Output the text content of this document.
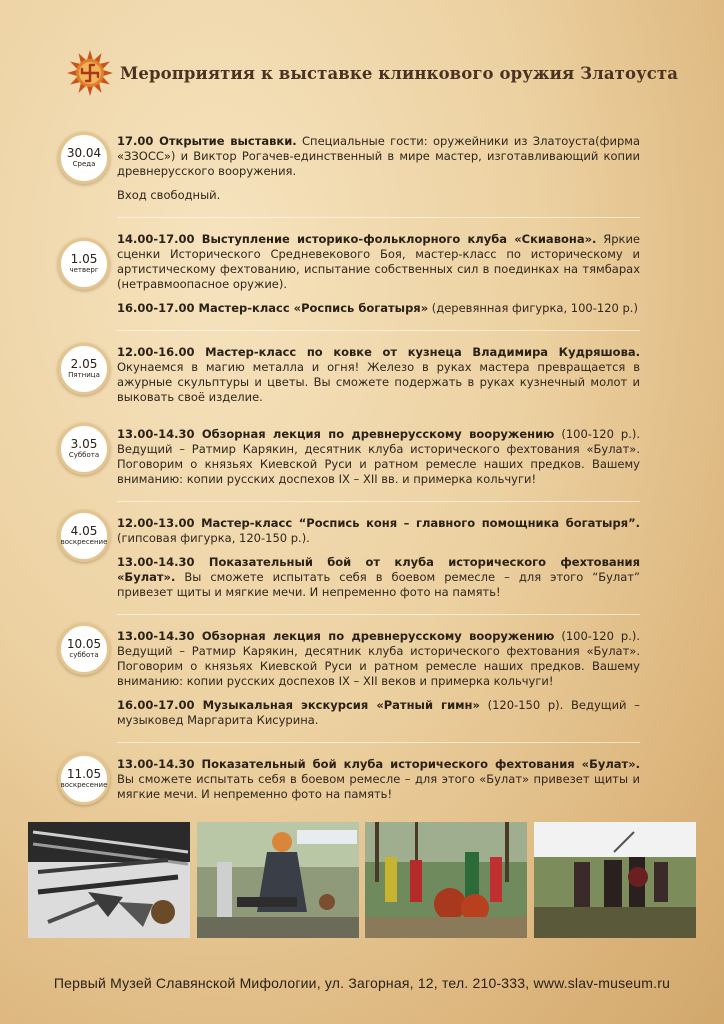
Мероприятия к выставке клинкового оружия Златоуста
30.04
Среда

17.00 Открытие выставки. Специальные гости: оружейники из Златоуста(фирма «ЗЗОСС») и Виктор Рогачев-единственный в мире мастер, изготавливающий копии древнерусского вооружения.

Вход свободный.

1.05
четверг

14.00-17.00 Выступление историко-фольклорного клуба «Скиавона». Яркие сценки Исторического Средневекового Боя, мастер-класс по историческому и артистическому фехтованию, испытание собственных сил в поединках на тямбарах (нетравмоопасное оружие).

16.00-17.00 Мастер-класс «Роспись богатыря» (деревянная фигурка, 100-120 р.)

2.05
Пятница

12.00-16.00 Мастер-класс по ковке от кузнеца Владимира Кудряшова. Окунаемся в магию металла и огня! Железо в руках мастера превращается в ажурные скульптуры и цветы. Вы сможете подержать в руках кузнечный молот и выковать своё изделие.

3.05
Суббота

13.00-14.30 Обзорная лекция по древнерусскому вооружению (100-120 р.). Ведущий – Ратмир Карякин, десятник клуба исторического фехтования «Булат». Поговорим о князьях Киевской Руси и ратном ремесле наших предков. Вашему вниманию: копии русских доспехов IX – XII вв. и примерка кольчуги!

4.05
воскресение

12.00-13.00 Мастер-класс “Роспись коня – главного помощника богатыря”. (гипсовая фигурка, 120-150 р.).

13.00-14.30 Показательный бой от клуба исторического фехтования «Булат». Вы сможете испытать себя в боевом ремесле – для этого “Булат” привезет щиты и мягкие мечи. И непременно фото на память!

10.05
суббота

13.00-14.30 Обзорная лекция по древнерусскому вооружению (100-120 р.). Ведущий – Ратмир Карякин, десятник клуба исторического фехтования «Булат». Поговорим о князьях Киевской Руси и ратном ремесле наших предков. Вашему вниманию: копии русских доспехов IX – XII веков и примерка кольчуги!

16.00-17.00 Музыкальная экскурсия «Ратный гимн» (120-150 р). Ведущий – музыковед Маргарита Кисурина.

11.05
воскресение

13.00-14.30 Показательный бой клуба исторического фехтования «Булат». Вы сможете испытать себя в боевом ремесле – для этого «Булат» привезет щиты и мягкие мечи. И непременно фото на память!

Первый Музей Славянской Мифологии, ул. Загорная, 12, тел. 210-333, www.slav-museum.ru
